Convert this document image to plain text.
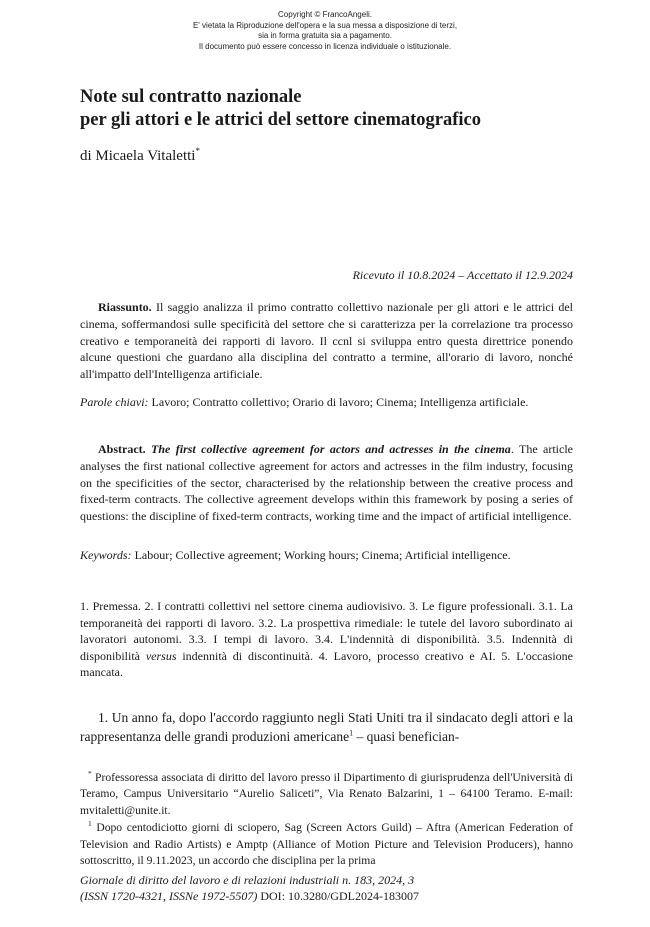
Copyright © FrancoAngeli.
E' vietata la Riproduzione dell'opera e la sua messa a disposizione di terzi,
sia in forma gratuita sia a pagamento.
Il documento può essere concesso in licenza individuale o istituzionale.
Note sul contratto nazionale
per gli attori e le attrici del settore cinematografico
di Micaela Vitaletti*
Ricevuto il 10.8.2024 – Accettato il 12.9.2024
Riassunto. Il saggio analizza il primo contratto collettivo nazionale per gli attori e le attrici del cinema, soffermandosi sulle specificità del settore che si caratterizza per la correlazione tra processo creativo e temporaneità dei rapporti di lavoro. Il ccnl si sviluppa entro questa direttrice ponendo alcune questioni che guardano alla disciplina del contratto a termine, all'orario di lavoro, nonché all'impatto dell'Intelligenza artificiale.
Parole chiavi: Lavoro; Contratto collettivo; Orario di lavoro; Cinema; Intelligenza artificiale.
Abstract. The first collective agreement for actors and actresses in the cinema. The article analyses the first national collective agreement for actors and actresses in the film industry, focusing on the specificities of the sector, characterised by the relationship between the creative process and fixed-term contracts. The collective agreement develops within this framework by posing a series of questions: the discipline of fixed-term contracts, working time and the impact of artificial intelligence.
Keywords: Labour; Collective agreement; Working hours; Cinema; Artificial intelligence.
1. Premessa. 2. I contratti collettivi nel settore cinema audiovisivo. 3. Le figure professionali. 3.1. La temporaneità dei rapporti di lavoro. 3.2. La prospettiva rimediale: le tutele del lavoro subordinato ai lavoratori autonomi. 3.3. I tempi di lavoro. 3.4. L'indennità di disponibilità. 3.5. Indennità di disponibilità versus indennità di discontinuità. 4. Lavoro, processo creativo e AI. 5. L'occasione mancata.
1. Un anno fa, dopo l'accordo raggiunto negli Stati Uniti tra il sindacato degli attori e la rappresentanza delle grandi produzioni americane$^1$ – quasi benefician-
* Professoressa associata di diritto del lavoro presso il Dipartimento di giurisprudenza dell'Università di Teramo, Campus Universitario “Aurelio Saliceti”, Via Renato Balzarini, 1 – 64100 Teramo. E-mail: mvitaletti@unite.it.
$^1$ Dopo centodiciotto giorni di sciopero, Sag (Screen Actors Guild) – Aftra (American Federation of Television and Radio Artists) e Amptp (Alliance of Motion Picture and Television Producers), hanno sottoscritto, il 9.11.2023, un accordo che disciplina per la prima
Giornale di diritto del lavoro e di relazioni industriali n. 183, 2024, 3
(ISSN 1720-4321, ISSNe 1972-5507) DOI: 10.3280/GDL2024-183007
